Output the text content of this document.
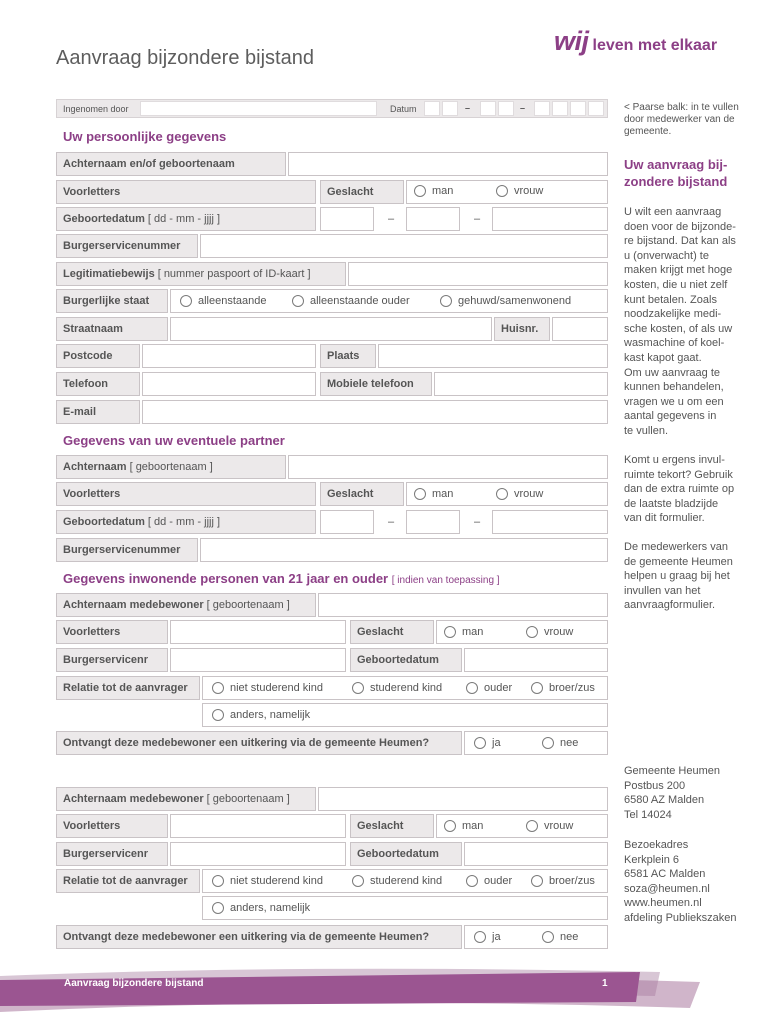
wij leven met elkaar
Aanvraag bijzondere bijstand
Ingenomen door	Datum	–	–	< Paarse balk: in te vullen door medewerker van de gemeente.
Uw persoonlijke gegevens
Achternaam en/of geboortenaam
Voorletters	Geslacht	man	vrouw
Geboortedatum [ dd - mm - jjjj ]	–	–
Burgerservicenummer
Legitimatiebewijs [ nummer paspoort of ID-kaart ]
Burgerlijke staat	alleenstaande	alleenstaande ouder	gehuwd/samenwonend
Straatnaam	Huisnr.
Postcode	Plaats
Telefoon	Mobiele telefoon
E-mail
Gegevens van uw eventuele partner
Achternaam [ geboortenaam ]
Voorletters	Geslacht	man	vrouw
Geboortedatum [ dd - mm - jjjj ]	–	–
Burgerservicenummer
Gegevens inwonende personen van 21 jaar en ouder [ indien van toepassing ]
Achternaam medebewoner [ geboortenaam ]
Voorletters	Geslacht	man	vrouw
Burgerservicenr	Geboortedatum
Relatie tot de aanvrager	niet studerend kind	studerend kind	ouder	broer/zus
anders, namelijk
Ontvangt deze medebewoner een uitkering via de gemeente Heumen?	ja	nee
Achternaam medebewoner [ geboortenaam ]
Voorletters	Geslacht	man	vrouw
Burgerservicenr	Geboortedatum
Relatie tot de aanvrager	niet studerend kind	studerend kind	ouder	broer/zus
anders, namelijk
Ontvangt deze medebewoner een uitkering via de gemeente Heumen?	ja	nee
Uw aanvraag bij-
zondere bijstand
U wilt een aanvraag
doen voor de bijzonde-
re bijstand. Dat kan als
u (onverwacht) te
maken krijgt met hoge
kosten, die u niet zelf
kunt betalen. Zoals
noodzakelijke medi-
sche kosten, of als uw
wasmachine of koel-
kast kapot gaat.
Om uw aanvraag te
kunnen behandelen,
vragen we u om een
aantal gegevens in
te vullen.
Komt u ergens invul-
ruimte tekort? Gebruik
dan de extra ruimte op
de laatste bladzijde
van dit formulier.
De medewerkers van
de gemeente Heumen
helpen u graag bij het
invullen van het
aanvraagformulier.
Gemeente Heumen
Postbus 200
6580 AZ Malden
Tel 14024
Bezoekadres
Kerkplein 6
6581 AC Malden
soza@heumen.nl
www.heumen.nl
afdeling Publiekszaken
Aanvraag bijzondere bijstand	1
